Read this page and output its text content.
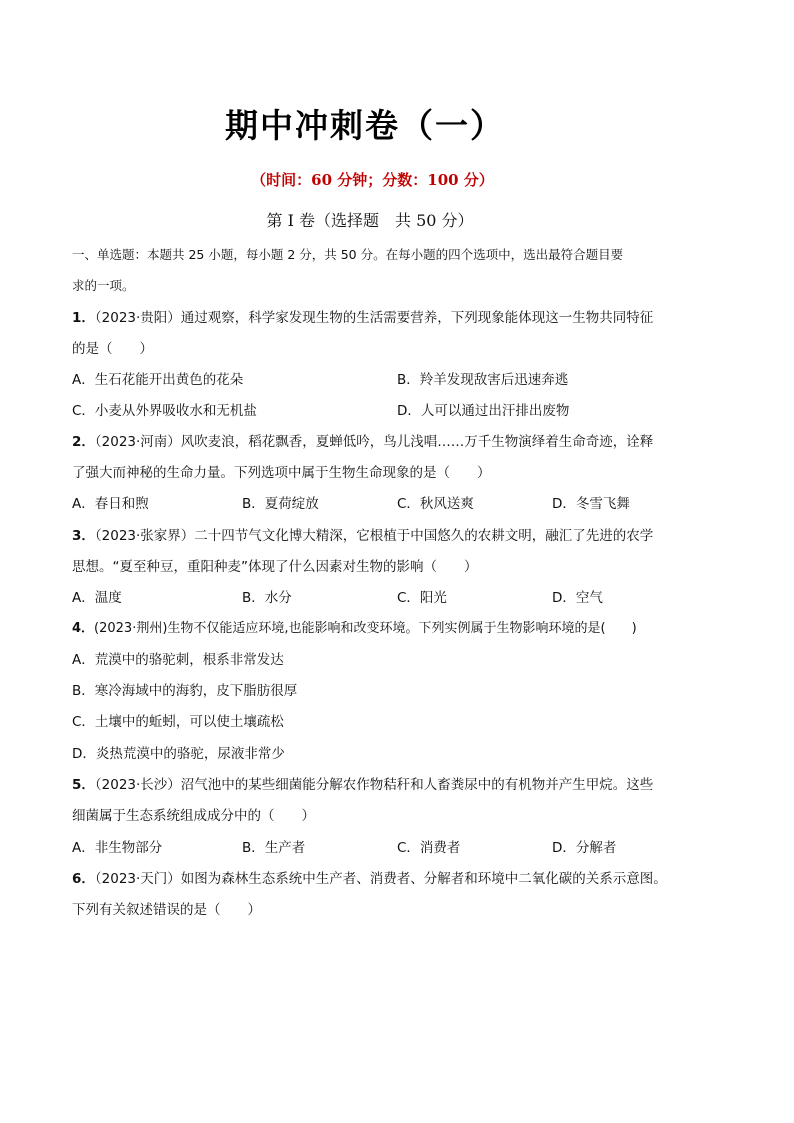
期中冲刺卷（一）
（时间：60 分钟；分数：100 分）
第 I 卷（选择题　共 50 分）
一、单选题：本题共 25 小题，每小题 2 分，共 50 分。在每小题的四个选项中，选出最符合题目要
求的一项。
1．（2023·贵阳）通过观察，科学家发现生物的生活需要营养，下列现象能体现这一生物共同特征
的是（　　）
A．生石花能开出黄色的花朵	B．羚羊发现敌害后迅速奔逃
C．小麦从外界吸收水和无机盐	D．人可以通过出汗排出废物
2．（2023·河南）风吹麦浪，稻花飘香，夏蝉低吟，鸟儿浅唱……万千生物演绎着生命奇迹，诠释
了强大而神秘的生命力量。下列选项中属于生物生命现象的是（　　）
A．春日和煦	B．夏荷绽放	C．秋风送爽	D．冬雪飞舞
3．（2023·张家界）二十四节气文化博大精深，它根植于中国悠久的农耕文明，融汇了先进的农学
思想。“夏至种豆，重阳种麦”体现了什么因素对生物的影响（　　）
A．温度	B．水分	C．阳光	D．空气
4．(2023·荆州)生物不仅能适应环境,也能影响和改变环境。下列实例属于生物影响环境的是(　　)
A．荒漠中的骆驼刺，根系非常发达
B．寒冷海域中的海豹，皮下脂肪很厚
C．土壤中的蚯蚓，可以使土壤疏松
D．炎热荒漠中的骆驼，尿液非常少
5．（2023·长沙）沼气池中的某些细菌能分解农作物秸秆和人畜粪尿中的有机物并产生甲烷。这些
细菌属于生态系统组成成分中的（　　）
A．非生物部分	B．生产者	C．消费者	D．分解者
6．（2023·天门）如图为森林生态系统中生产者、消费者、分解者和环境中二氧化碳的关系示意图。
下列有关叙述错误的是（　　）
